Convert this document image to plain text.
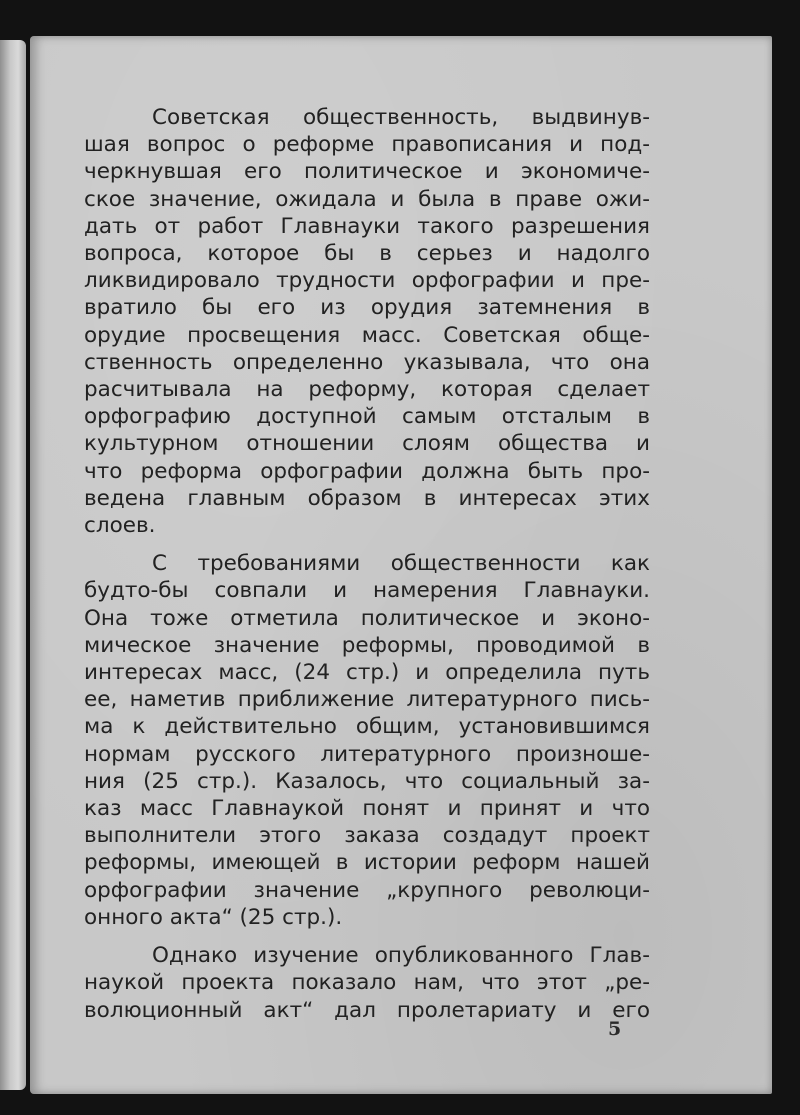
Советская общественность, выдвинув-
шая вопрос о реформе правописания и под-
черкнувшая его политическое и экономиче-
ское значение, ожидала и была в праве ожи-
дать от работ Главнауки такого разрешения
вопроса, которое бы в серьез и надолго
ликвидировало трудности орфографии и пре-
вратило бы его из орудия затемнения в
орудие просвещения масс. Советская обще-
ственность определенно указывала, что она
расчитывала на реформу, которая сделает
орфографию доступной самым отсталым в
культурном отношении слоям общества и
что реформа орфографии должна быть про-
ведена главным образом в интересах этих
слоев.

С требованиями общественности как
будто-бы совпали и намерения Главнауки.
Она тоже отметила политическое и эконо-
мическое значение реформы, проводимой в
интересах масс, (24 стр.) и определила путь
ее, наметив приближение литературного пись-
ма к действительно общим, установившимся
нормам русского литературного произноше-
ния (25 стр.). Казалось, что социальный за-
каз масс Главнаукой понят и принят и что
выполнители этого заказа создадут проект
реформы, имеющей в истории реформ нашей
орфографии значение „крупного революци-
онного акта“ (25 стр.).

Однако изучение опубликованного Глав-
наукой проекта показало нам, что этот „ре-
волюционный акт“ дал пролетариату и его

5
